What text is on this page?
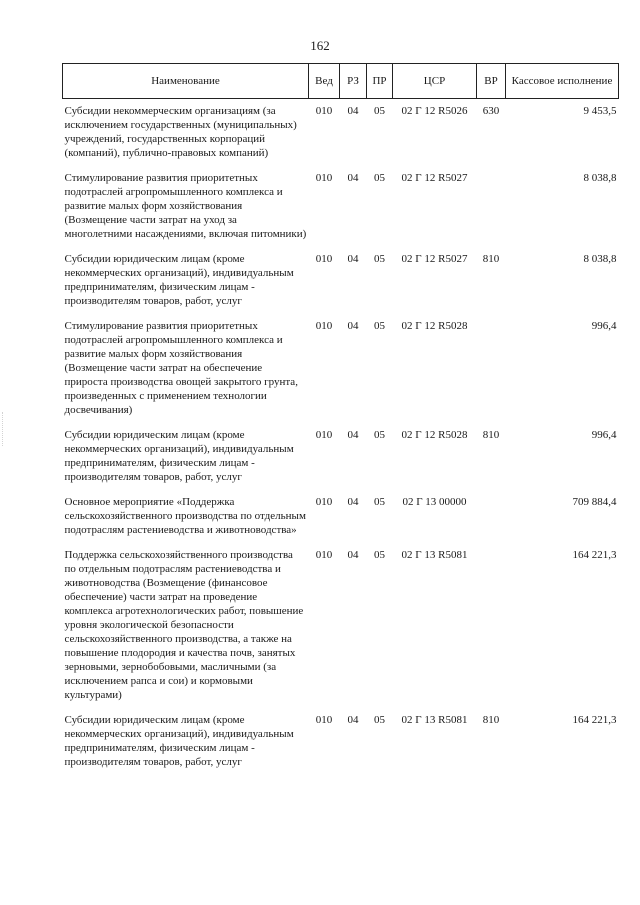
162
Наименование	Вед	РЗ	ПР	ЦСР	ВР	Кассовое исполнение
Субсидии некоммерческим организациям (за исключением государственных (муниципальных) учреждений, государственных корпораций (компаний), публично-правовых компаний)	010	04	05	02 Г 12 R5026	630	9 453,5
Стимулирование развития приоритетных подотраслей агропромышленного комплекса и развитие малых форм хозяйствования (Возмещение части затрат на уход за многолетними насаждениями, включая питомники)	010	04	05	02 Г 12 R5027		8 038,8
Субсидии юридическим лицам (кроме некоммерческих организаций), индивидуальным предпринимателям, физическим лицам - производителям товаров, работ, услуг	010	04	05	02 Г 12 R5027	810	8 038,8
Стимулирование развития приоритетных подотраслей агропромышленного комплекса и развитие малых форм хозяйствования (Возмещение части затрат на обеспечение прироста производства овощей закрытого грунта, произведенных с применением технологии досвечивания)	010	04	05	02 Г 12 R5028		996,4
Субсидии юридическим лицам (кроме некоммерческих организаций), индивидуальным предпринимателям, физическим лицам - производителям товаров, работ, услуг	010	04	05	02 Г 12 R5028	810	996,4
Основное мероприятие «Поддержка сельскохозяйственного производства по отдельным подотраслям растениеводства и животноводства»	010	04	05	02 Г 13 00000		709 884,4
Поддержка сельскохозяйственного производства по отдельным подотраслям растениеводства и животноводства (Возмещение (финансовое обеспечение) части затрат на проведение комплекса агротехнологических работ, повышение уровня экологической безопасности сельскохозяйственного производства, а также на повышение плодородия и качества почв, занятых зерновыми, зернобобовыми, масличными (за исключением рапса и сои) и кормовыми культурами)	010	04	05	02 Г 13 R5081		164 221,3
Субсидии юридическим лицам (кроме некоммерческих организаций), индивидуальным предпринимателям, физическим лицам - производителям товаров, работ, услуг	010	04	05	02 Г 13 R5081	810	164 221,3
